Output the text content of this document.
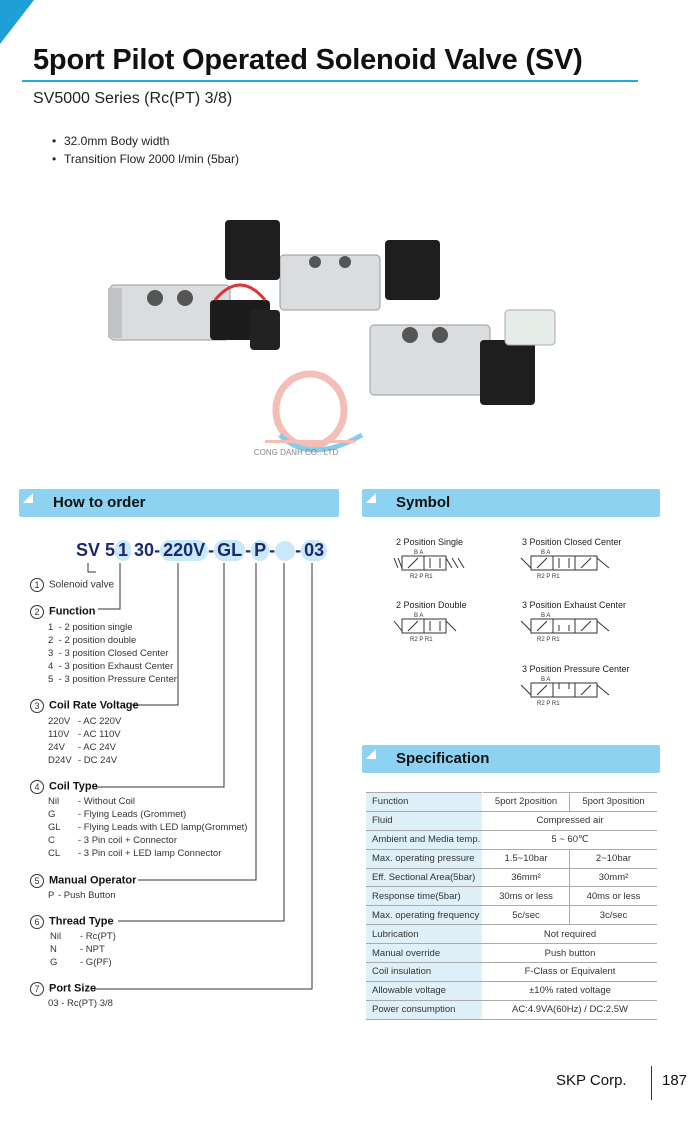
5port Pilot Operated Solenoid Valve (SV)
SV5000 Series (Rc(PT) 3/8)
• 32.0mm Body width
• Transition Flow 2000 l/min (5bar)
CONG DANH CO., LTD
How to order	Symbol
SV 5 1 30- 220V - GL - P - - 03
1 Solenoid valve
2 Function
1 - 2 position single
2 - 2 position double
3 - 3 position Closed Center
4 - 3 position Exhaust Center
5 - 3 position Pressure Center
3 Coil Rate Voltage
220V - AC 220V
110V - AC 110V
24V - AC 24V
D24V - DC 24V
4 Coil Type
Nil - Without Coil
G - Flying Leads (Grommet)
GL - Flying Leads with LED lamp(Grommet)
C - 3 Pin coil + Connector
CL - 3 Pin coil + LED lamp Connector
5 Manual Operator
P - Push Button
6 Thread Type
Nil - Rc(PT)
N - NPT
G - G(PF)
7 Port Size
03 - Rc(PT) 3/8
2 Position Single	3 Position Closed Center
2 Position Double	3 Position Exhaust Center
3 Position Pressure Center
B A
R2 P R1
B A
R2 P R1
B A
R2 P R1
B A
R2 P R1
B A
R2 P R1
Specification
Function	5port 2position	5port 3position
Fluid	Compressed air	
Ambient and Media temp.	5 ~ 60℃	
Max. operating pressure	1.5~10bar	2~10bar
Eff. Sectional Area(5bar)	36mm²	30mm²
Response time(5bar)	30ms or less	40ms or less
Max. operating frequency	5c/sec	3c/sec
Lubrication	Not required	
Manual override	Push button	
Coil insulation	F-Class or Equivalent	
Allowable voltage	±10% rated voltage	
Power consumption	AC:4.9VA(60Hz) / DC:2.5W	
SKP Corp. 187
